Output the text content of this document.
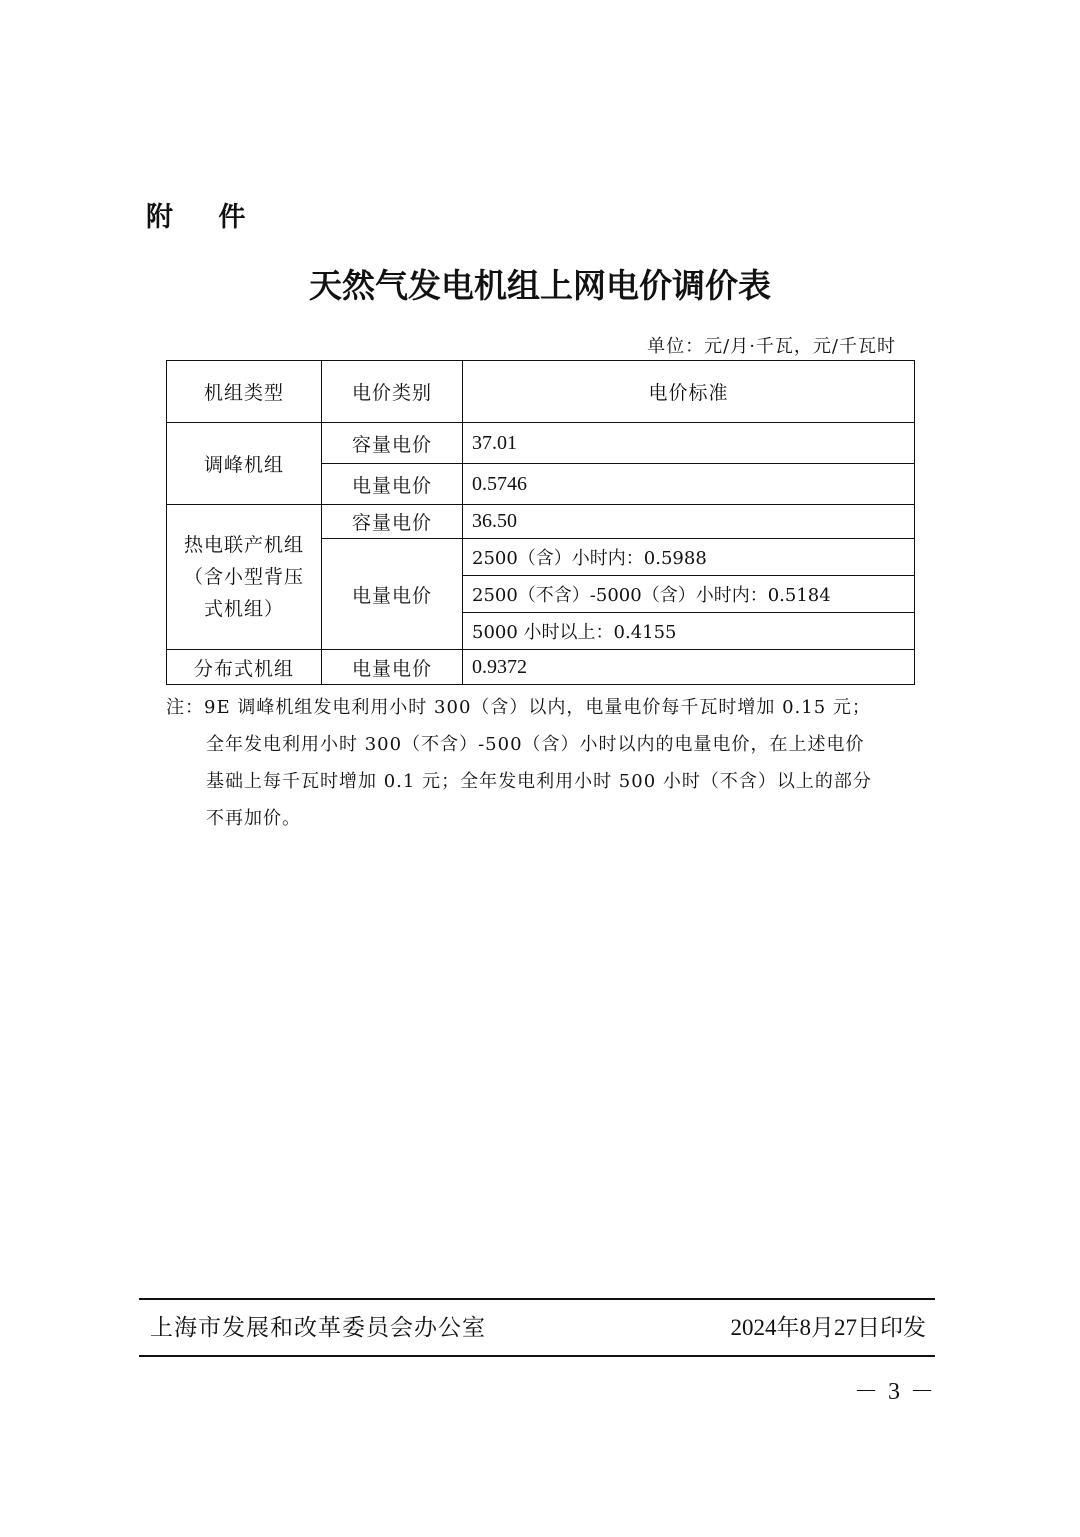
附 件
天然气发电机组上网电价调价表
单位：元/月·千瓦，元/千瓦时
机组类型	电价类别	电价标准
调峰机组	容量电价	37.01
	电量电价	0.5746
热电联产机组
（含小型背压
式机组）	容量电价	36.50
	电量电价	2500（含）小时内：0.5988
		2500（不含）-5000（含）小时内：0.5184
		5000 小时以上：0.4155
分布式机组	电量电价	0.9372
注：9E 调峰机组发电利用小时 300（含）以内，电量电价每千瓦时增加 0.15 元；
全年发电利用小时 300（不含）-500（含）小时以内的电量电价，在上述电价
基础上每千瓦时增加 0.1 元；全年发电利用小时 500 小时（不含）以上的部分
不再加价。
上海市发展和改革委员会办公室	2024年8月27日印发
－ 3 －
